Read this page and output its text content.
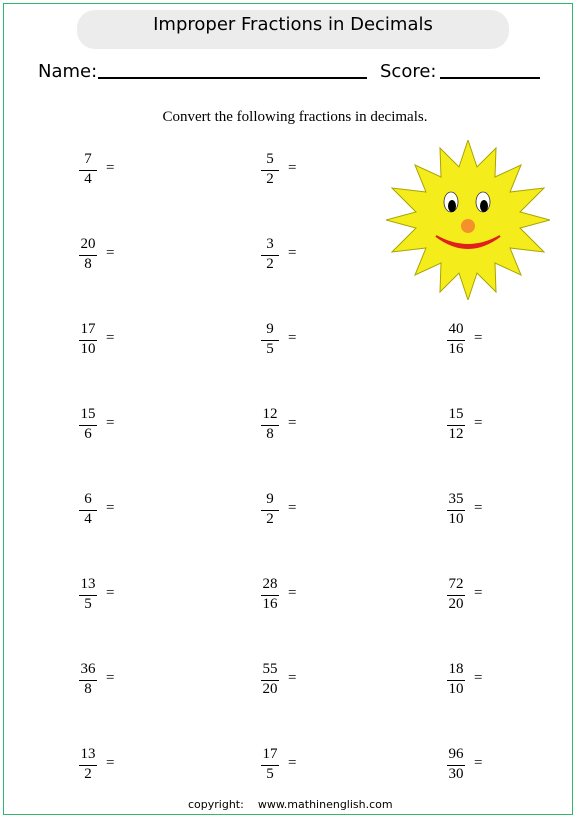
Improper Fractions in Decimals
Name:	Score:
Convert the following fractions in decimals.
7
4
=
5
2
=
20
8
=
3
2
=
17
10
=
9
5
=
40
16
=
15
6
=
12
8
=
15
12
=
6
4
=
9
2
=
35
10
=
13
5
=
28
16
=
72
20
=
36
8
=
55
20
=
18
10
=
13
2
=
17
5
=
96
30
=
copyright: www.mathinenglish.com
